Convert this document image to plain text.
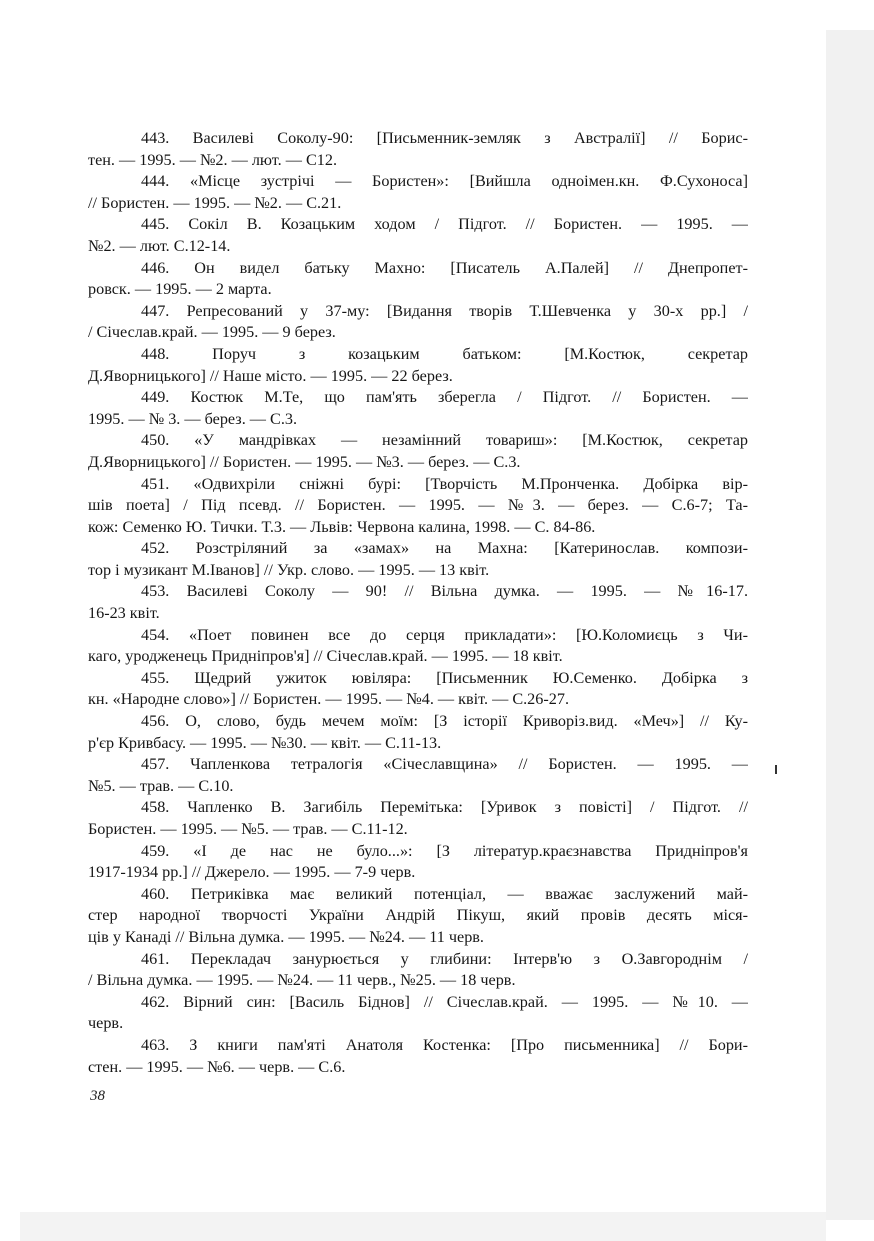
443. Василеві Соколу-90: [Письменник-земляк з Австралії] // Борис-
тен. — 1995. — №2. — лют. — С12.

444. «Місце зустрічі — Бористен»: [Вийшла одноімен.кн. Ф.Сухоноса]
// Бористен. — 1995. — №2. — С.21.

445. Сокіл В. Козацьким ходом / Підгот. // Бористен. — 1995. —
№2. — лют. С.12-14.

446. Он видел батьку Махно: [Писатель А.Палей] // Днепропет-
ровск. — 1995. — 2 марта.

447. Репресований у 37-му: [Видання творів Т.Шевченка у 30-х рр.] /
/ Січеслав.край. — 1995. — 9 берез.

448. Поруч з козацьким батьком: [М.Костюк, секретар
Д.Яворницького] // Наше місто. — 1995. — 22 берез.

449. Костюк М.Те, що пам'ять зберегла / Підгот. // Бористен. —
1995. — № 3. — берез. — С.3.

450. «У мандрівках — незамінний товариш»: [М.Костюк, секретар
Д.Яворницького] // Бористен. — 1995. — №3. — берез. — С.3.

451. «Одвихріли сніжні бурі: [Творчість М.Пронченка. Добірка вір-
шів поета] / Під псевд. // Бористен. — 1995. — №3. — берез. — С.6-7; Та-
кож: Семенко Ю. Тички. Т.3. — Львів: Червона калина, 1998. — С. 84-86.

452. Розстріляний за «замах» на Махна: [Катеринослав. компози-
тор і музикант М.Іванов] // Укр. слово. — 1995. — 13 квіт.

453. Василеві Соколу — 90! // Вільна думка. — 1995. — №16-17.
16-23 квіт.

454. «Поет повинен все до серця прикладати»: [Ю.Коломиєць з Чи-
каго, уродженець Придніпров'я] // Січеслав.край. — 1995. — 18 квіт.

455. Щедрий ужиток ювіляра: [Письменник Ю.Семенко. Добірка з
кн. «Народне слово»] // Бористен. — 1995. — №4. — квіт. — С.26-27.

456. О, слово, будь мечем моїм: [З історії Криворіз.вид. «Меч»] // Ку-
р'єр Кривбасу. — 1995. — №30. — квіт. — С.11-13.

457. Чапленкова тетралогія «Січеславщина» // Бористен. — 1995. —
№5. — трав. — С.10.

458. Чапленко В. Загибіль Перемітька: [Уривок з повісті] / Підгот. //
Бористен. — 1995. — №5. — трав. — С.11-12.

459. «І де нас не було...»: [З літератур.краєзнавства Придніпров'я
1917-1934 рр.] // Джерело. — 1995. — 7-9 черв.

460. Петриківка має великий потенціал, — вважає заслужений май-
стер народної творчості України Андрій Пікуш, який провів десять міся-
ців у Канаді // Вільна думка. — 1995. — №24. — 11 черв.

461. Перекладач занурюється у глибини: Інтерв'ю з О.Завгороднім /
/ Вільна думка. — 1995. — №24. — 11 черв., №25. — 18 черв.

462. Вірний син: [Василь Біднов] // Січеслав.край. — 1995. — №10. —
черв.

463. З книги пам'яті Анатоля Костенка: [Про письменника] // Бори-
стен. — 1995. — №6. — черв. — С.6.

38
